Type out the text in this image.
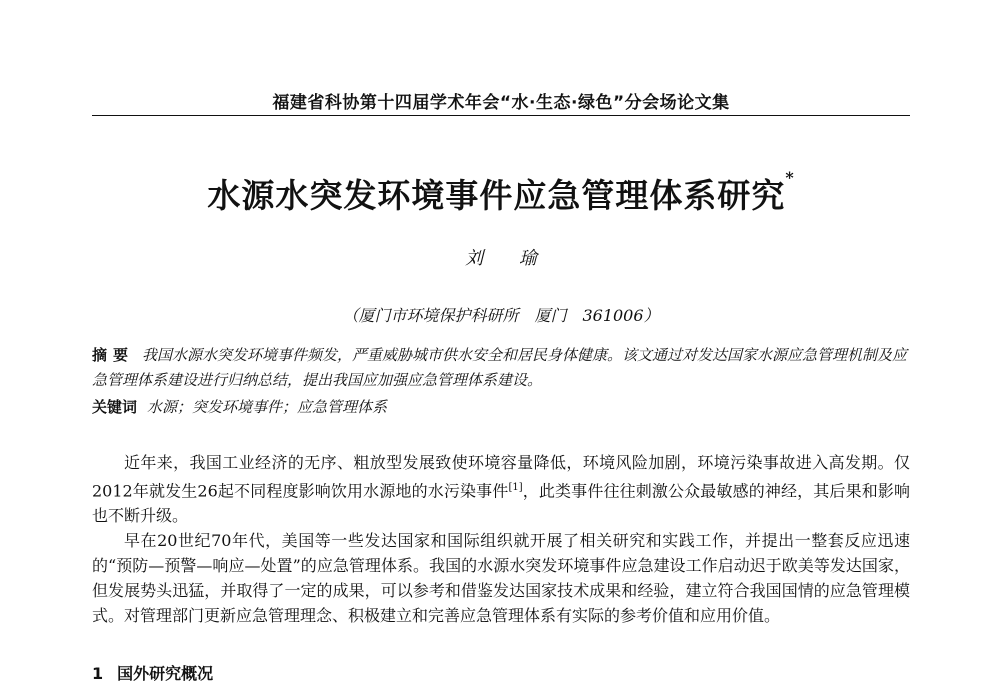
福建省科协第十四届学术年会“水·生态·绿色”分会场论文集
水源水突发环境事件应急管理体系研究*
刘 瑜
（厦门市环境保护科研所　厦门　361006）
摘要 我国水源水突发环境事件频发，严重威胁城市供水安全和居民身体健康。该文通过对发达国家水源应急管理机制及应急管理体系建设进行归纳总结，提出我国应加强应急管理体系建设。
关键词 水源；突发环境事件；应急管理体系

近年来，我国工业经济的无序、粗放型发展致使环境容量降低，环境风险加剧，环境污染事故进入高发期。仅2012年就发生26起不同程度影响饮用水源地的水污染事件[1]，此类事件往往刺激公众最敏感的神经，其后果和影响也不断升级。

早在20世纪70年代，美国等一些发达国家和国际组织就开展了相关研究和实践工作，并提出一整套反应迅速的“预防—预警—响应—处置”的应急管理体系。我国的水源水突发环境事件应急建设工作启动迟于欧美等发达国家，但发展势头迅猛，并取得了一定的成果，可以参考和借鉴发达国家技术成果和经验，建立符合我国国情的应急管理模式。对管理部门更新应急管理理念、积极建立和完善应急管理体系有实际的参考价值和应用价值。

1 国外研究概况
